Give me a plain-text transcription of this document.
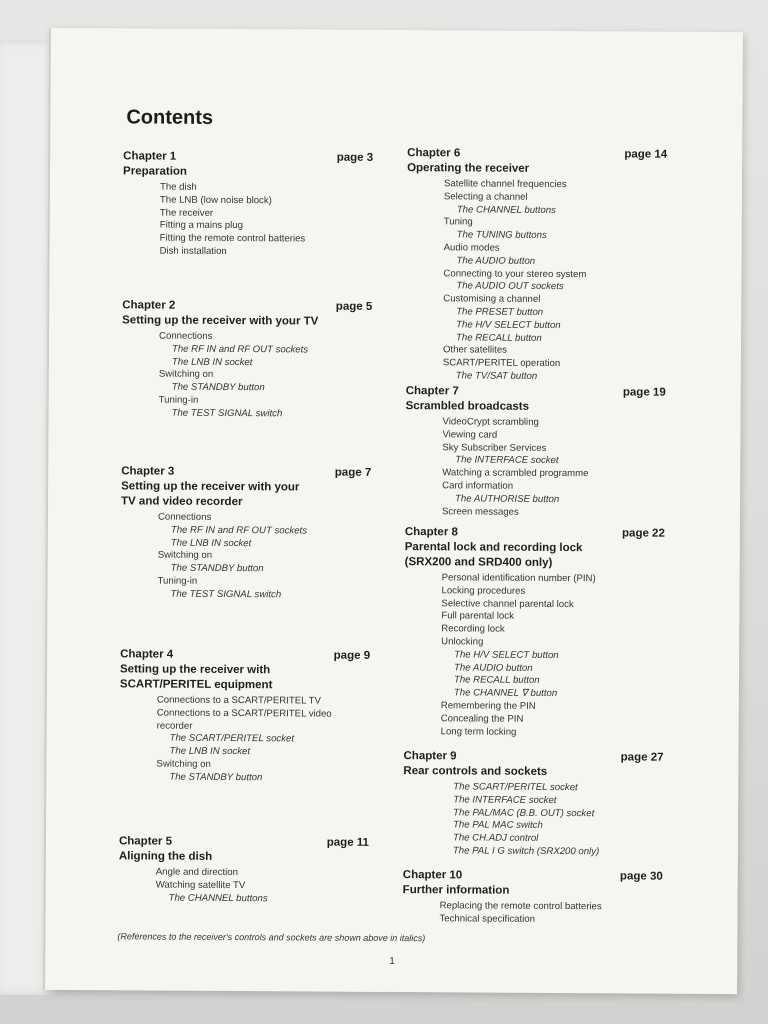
Contents
Chapter 1	page 3
Preparation
The dish
The LNB (low noise block)
The receiver
Fitting a mains plug
Fitting the remote control batteries
Dish installation
Chapter 2	page 5
Setting up the receiver with your TV
Connections
The RF IN and RF OUT sockets
The LNB IN socket
Switching on
The STANDBY button
Tuning-in
The TEST SIGNAL switch
Chapter 3	page 7
Setting up the receiver with your
TV and video recorder
Connections
The RF IN and RF OUT sockets
The LNB IN socket
Switching on
The STANDBY button
Tuning-in
The TEST SIGNAL switch
Chapter 4	page 9
Setting up the receiver with
SCART/PERITEL equipment
Connections to a SCART/PERITEL TV
Connections to a SCART/PERITEL video
recorder
The SCART/PERITEL socket
The LNB IN socket
Switching on
The STANDBY button
Chapter 5	page 11
Aligning the dish
Angle and direction
Watching satellite TV
The CHANNEL buttons
Chapter 6	page 14
Operating the receiver
Satellite channel frequencies
Selecting a channel
The CHANNEL buttons
Tuning
The TUNING buttons
Audio modes
The AUDIO button
Connecting to your stereo system
The AUDIO OUT sockets
Customising a channel
The PRESET button
The H/V SELECT button
The RECALL button
Other satellites
SCART/PERITEL operation
The TV/SAT button
Chapter 7	page 19
Scrambled broadcasts
VideoCrypt scrambling
Viewing card
Sky Subscriber Services
The INTERFACE socket
Watching a scrambled programme
Card information
The AUTHORISE button
Screen messages
Chapter 8	page 22
Parental lock and recording lock
(SRX200 and SRD400 only)
Personal identification number (PIN)
Locking procedures
Selective channel parental lock
Full parental lock
Recording lock
Unlocking
The H/V SELECT button
The AUDIO button
The RECALL button
The CHANNEL ∇ button
Remembering the PIN
Concealing the PIN
Long term locking
Chapter 9	page 27
Rear controls and sockets
The SCART/PERITEL socket
The INTERFACE socket
The PAL/MAC (B.B. OUT) socket
The PAL MAC switch
The CH.ADJ control
The PAL I G switch (SRX200 only)
Chapter 10	page 30
Further information
Replacing the remote control batteries
Technical specification
(References to the receiver's controls and sockets are shown above in italics)
1
